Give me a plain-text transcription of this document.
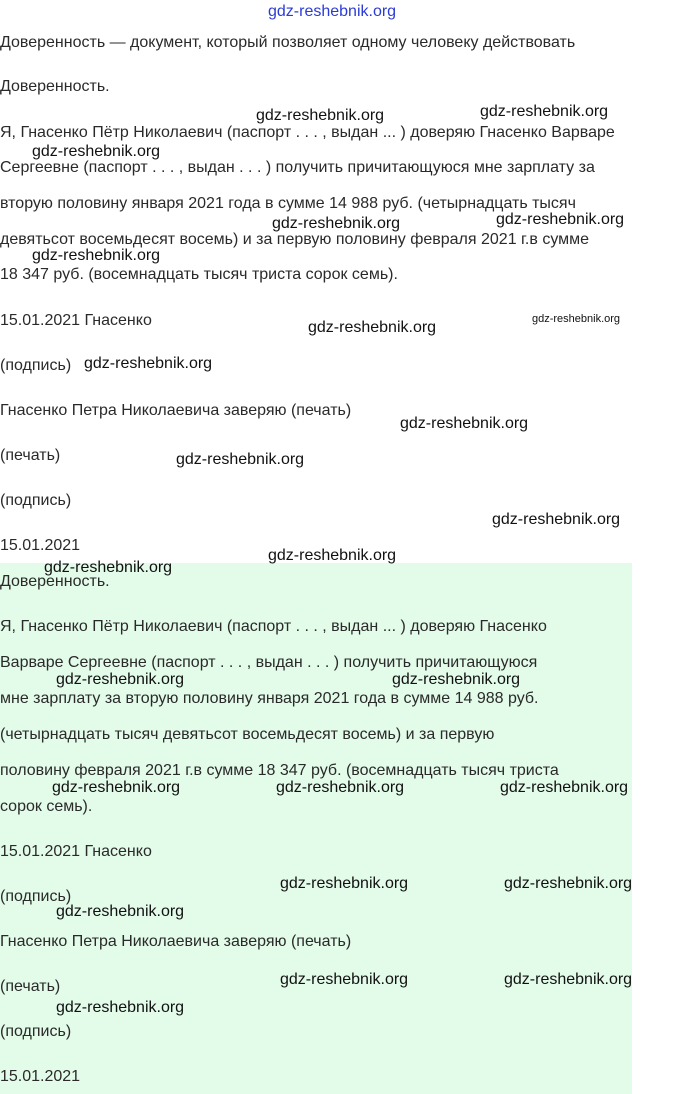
Доверенность — документ, который позволяет одному человеку действовать
Доверенность.
Я, Гнасенко Пётр Николаевич (паспорт . . . , выдан ... ) доверяю Гнасенко Варваре
Сергеевне (паспорт . . . , выдан . . . ) получить причитающуюся мне зарплату за
вторую половину января 2021 года в сумме 14 988 руб. (четырнадцать тысяч
девятьсот восемьдесят восемь) и за первую половину февраля 2021 г.в сумме
18 347 руб. (восемнадцать тысяч триста сорок семь).
15.01.2021 Гнасенко
(подпись)
Гнасенко Петра Николаевича заверяю (печать)
(печать)
(подпись)
15.01.2021
Доверенность.
Я, Гнасенко Пётр Николаевич (паспорт . . . , выдан ... ) доверяю Гнасенко
Варваре Сергеевне (паспорт . . . , выдан . . . ) получить причитающуюся
мне зарплату за вторую половину января 2021 года в сумме 14 988 руб.
(четырнадцать тысяч девятьсот восемьдесят восемь) и за первую
половину февраля 2021 г.в сумме 18 347 руб. (восемнадцать тысяч триста
сорок семь).
15.01.2021 Гнасенко
(подпись)
Гнасенко Петра Николаевича заверяю (печать)
(печать)
(подпись)
15.01.2021
gdz-reshebnik.org
gdz-reshebnik.org	gdz-reshebnik.org
gdz-reshebnik.org
gdz-reshebnik.org	gdz-reshebnik.org
gdz-reshebnik.org
gdz-reshebnik.org	gdz-reshebnik.org
gdz-reshebnik.org
gdz-reshebnik.org
gdz-reshebnik.org
gdz-reshebnik.org
gdz-reshebnik.org
gdz-reshebnik.org
gdz-reshebnik.org	gdz-reshebnik.org
gdz-reshebnik.org	gdz-reshebnik.org	gdz-reshebnik.org
gdz-reshebnik.org	gdz-reshebnik.org
gdz-reshebnik.org
gdz-reshebnik.org	gdz-reshebnik.org
gdz-reshebnik.org
